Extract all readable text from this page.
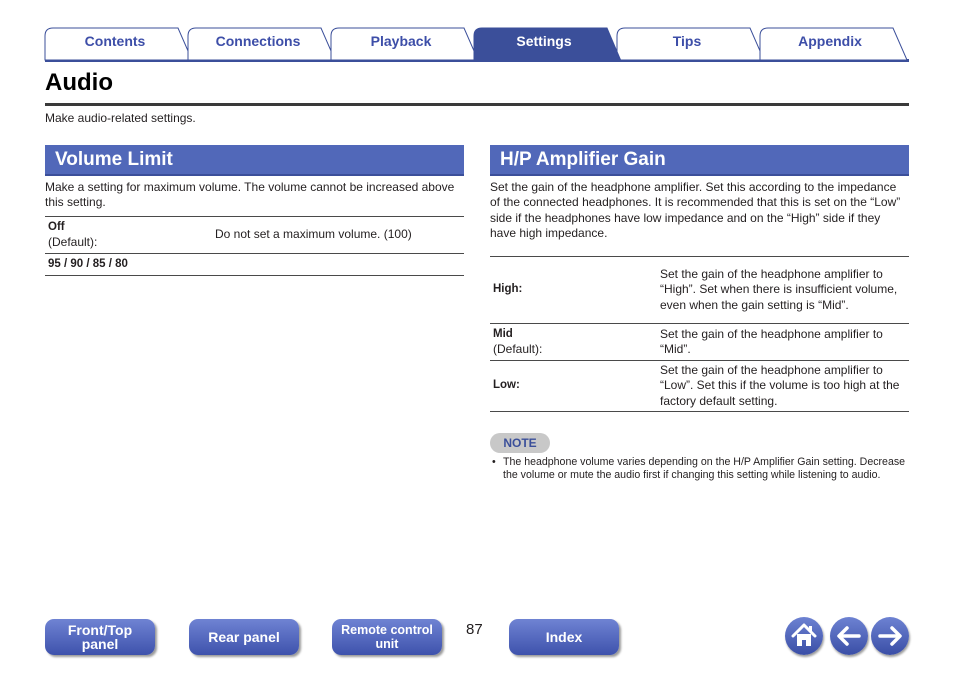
Contents	Connections	Playback	Settings	Tips	Appendix
Audio
Make audio-related settings.
Volume Limit
Make a setting for maximum volume. The volume cannot be increased above this setting.
Off
(Default):	Do not set a maximum volume. (100)

95 / 90 / 85 / 80	

H/P Amplifier Gain
Set the gain of the headphone amplifier. Set this according to the impedance of the connected headphones. It is recommended that this is set on the “Low” side if the headphones have low impedance and on the “High” side if they have high impedance.
High:	Set the gain of the headphone amplifier to “High”. Set when there is insufficient volume, even when the gain setting is “Mid”.

Mid
(Default):	Set the gain of the headphone amplifier to “Mid”.

Low:	Set the gain of the headphone amplifier to “Low”. Set this if the volume is too high at the factory default setting.
NOTE
• The headphone volume varies depending on the H/P Amplifier Gain setting. Decrease the volume or mute the audio first if changing this setting while listening to audio.
Front/Top
panel	Rear panel	Remote control
unit
87	Index
